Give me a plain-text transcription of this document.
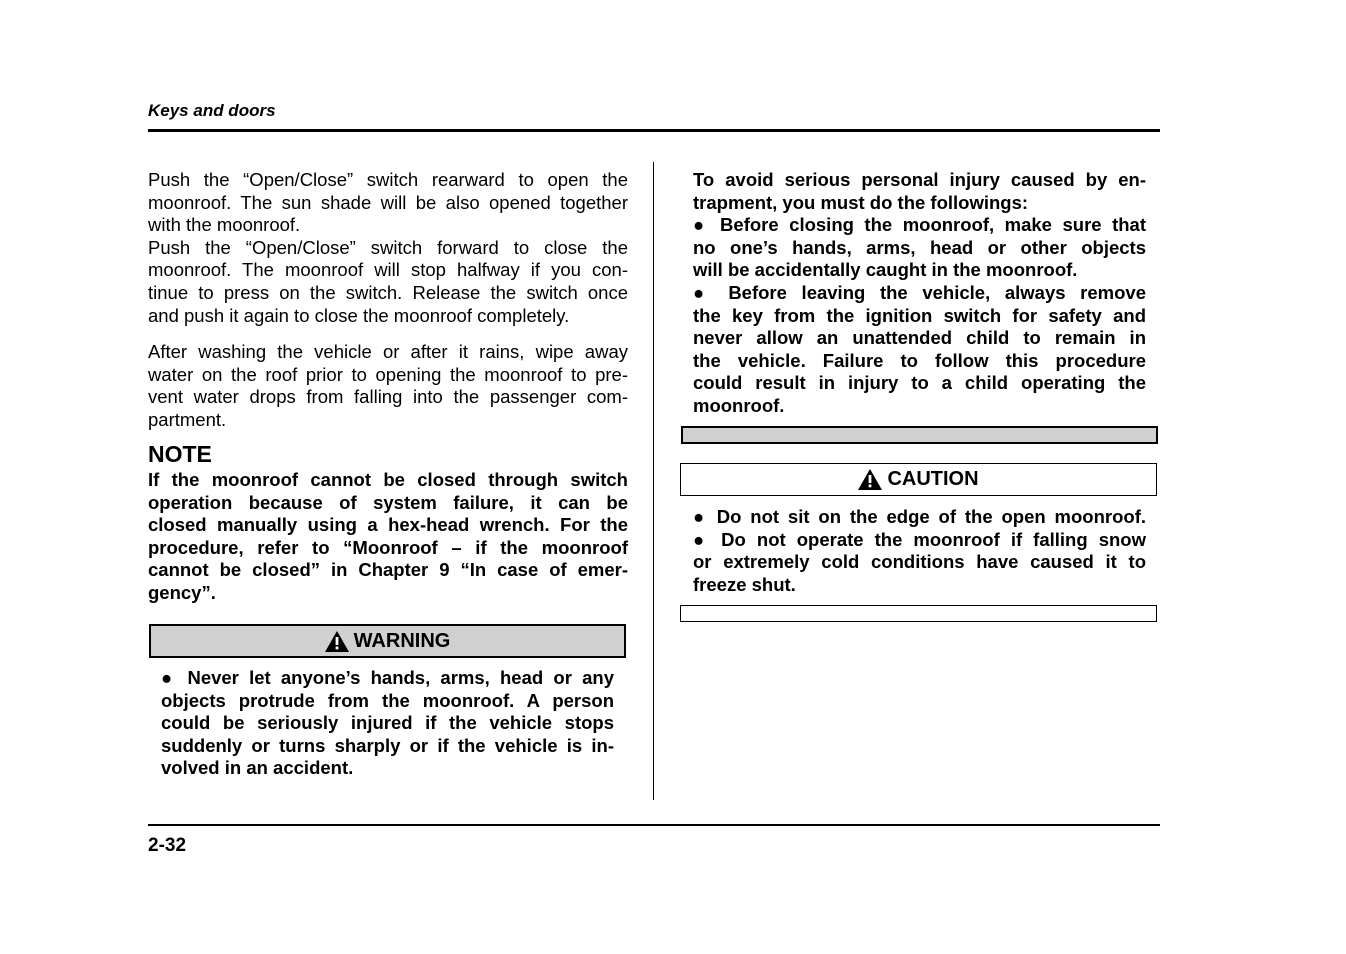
Keys and doors
Push the “Open/Close” switch rearward to open the
moonroof. The sun shade will be also opened together
with the moonroof.
Push the “Open/Close” switch forward to close the
moonroof. The moonroof will stop halfway if you con-
tinue to press on the switch. Release the switch once
and push it again to close the moonroof completely.
After washing the vehicle or after it rains, wipe away
water on the roof prior to opening the moonroof to pre-
vent water drops from falling into the passenger com-
partment.
NOTE
If the moonroof cannot be closed through switch
operation because of system failure, it can be
closed manually using a hex-head wrench. For the
procedure, refer to “Moonroof – if the moonroof
cannot be closed” in Chapter 9 “In case of emer-
gency”.
WARNING
● Never let anyone’s hands, arms, head or any
objects protrude from the moonroof. A person
could be seriously injured if the vehicle stops
suddenly or turns sharply or if the vehicle is in-
volved in an accident.
To avoid serious personal injury caused by en-
trapment, you must do the followings:
● Before closing the moonroof, make sure that
no one’s hands, arms, head or other objects
will be accidentally caught in the moonroof.
● Before leaving the vehicle, always remove
the key from the ignition switch for safety and
never allow an unattended child to remain in
the vehicle. Failure to follow this procedure
could result in injury to a child operating the
moonroof.
CAUTION
● Do not sit on the edge of the open moonroof.
● Do not operate the moonroof if falling snow
or extremely cold conditions have caused it to
freeze shut.
2-32
